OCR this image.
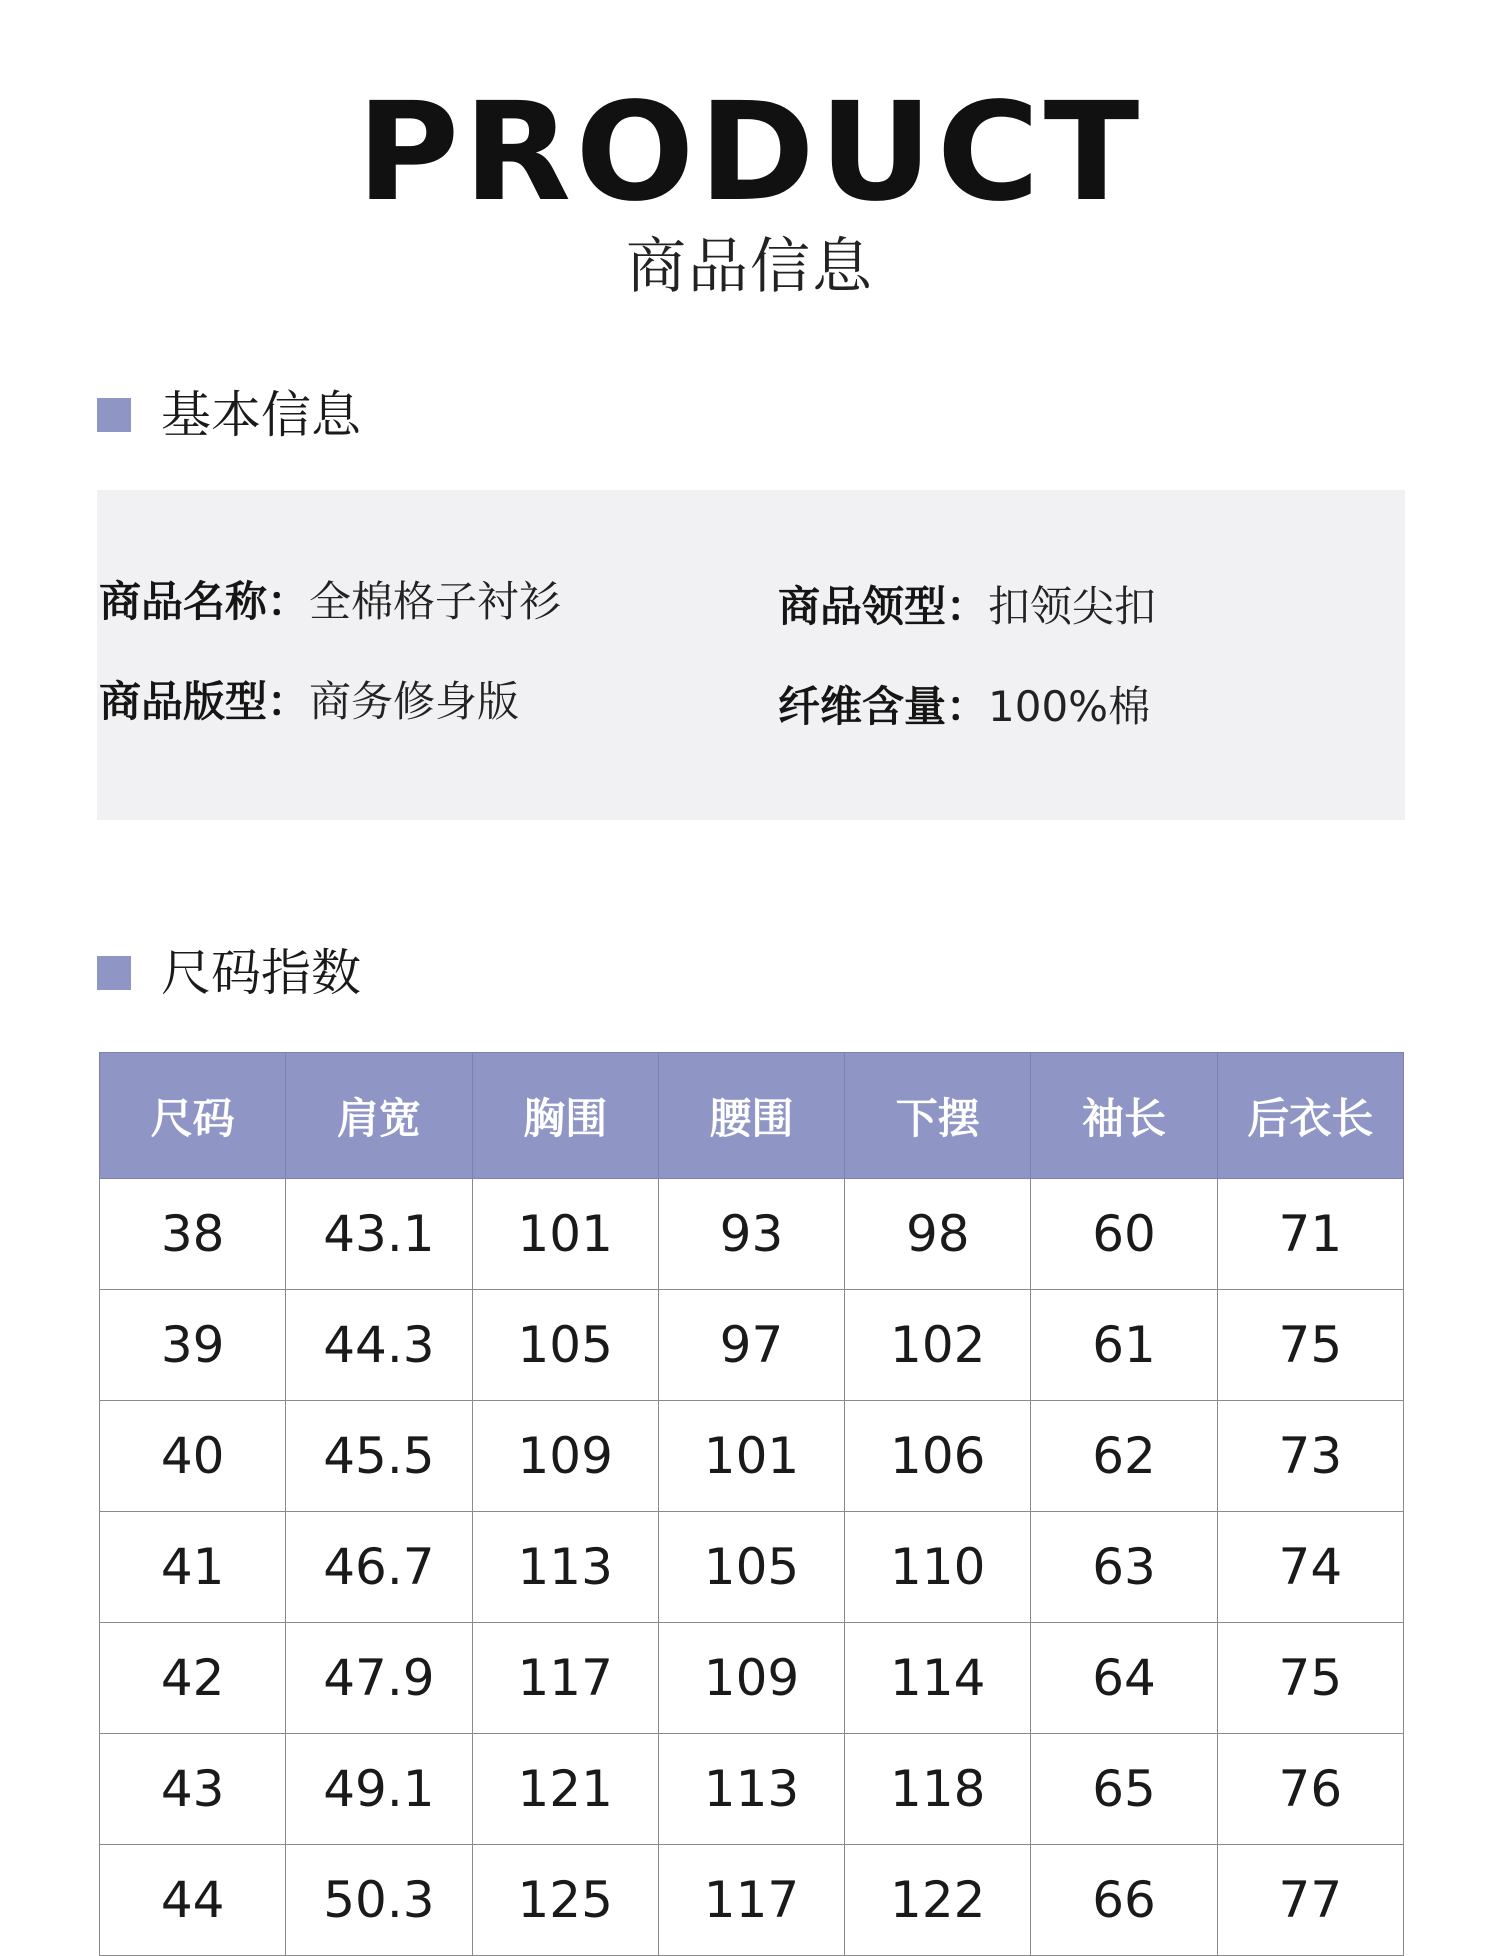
PRODUCT
商品信息
基本信息
商品名称：全棉格子衬衫	商品领型：扣领尖扣
商品版型：商务修身版	纤维含量：100%棉
尺码指数
尺码	肩宽	胸围	腰围	下摆	袖长	后衣长
38	43.1	101	93	98	60	71
39	44.3	105	97	102	61	75
40	45.5	109	101	106	62	73
41	46.7	113	105	110	63	74
42	47.9	117	109	114	64	75
43	49.1	121	113	118	65	76
44	50.3	125	117	122	66	77
